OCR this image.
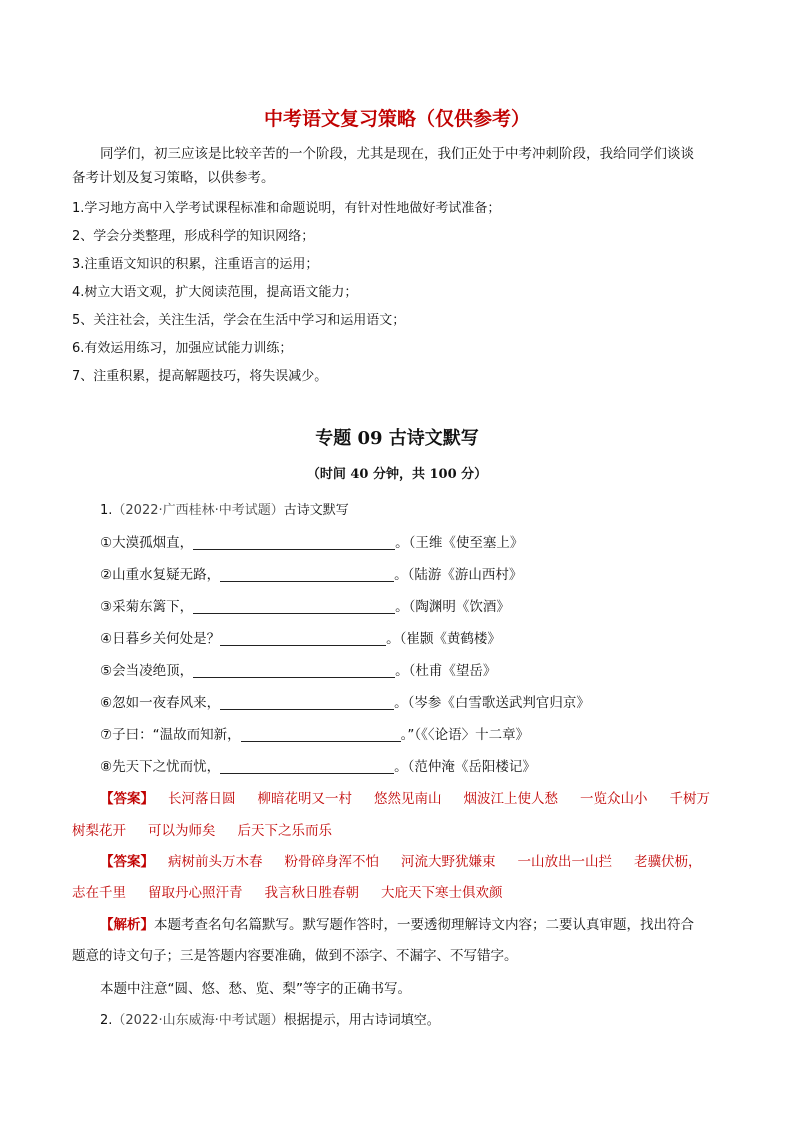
中考语文复习策略（仅供参考）
同学们，初三应该是比较辛苦的一个阶段，尤其是现在，我们正处于中考冲刺阶段，我给同学们谈谈
备考计划及复习策略，以供参考。
1.学习地方高中入学考试课程标准和命题说明，有针对性地做好考试准备；
2、学会分类整理，形成科学的知识网络；
3.注重语文知识的积累，注重语言的运用；
4.树立大语文观，扩大阅读范围，提高语文能力；
5、关注社会，关注生活，学会在生活中学习和运用语文；
6.有效运用练习，加强应试能力训练；
7、注重积累，提高解题技巧，将失误减少。
专题 09 古诗文默写
（时间 40 分钟，共 100 分）
1.（2022·广西桂林·中考试题）古诗文默写
①大漠孤烟直，	。（王维《使至塞上》
②山重水复疑无路，	。（陆游《游山西村》
③采菊东篱下，	。（陶渊明《饮酒》
④日暮乡关何处是？	。（崔颢《黄鹤楼》
⑤会当凌绝顶，	。（杜甫《望岳》
⑥忽如一夜春风来，	。（岑参《白雪歌送武判官归京》
⑦子曰：“温故而知新，	。”（《〈论语〉十二章》
⑧先天下之忧而忧，	。（范仲淹《岳阳楼记》
【答案】 长河落日圆 柳暗花明又一村 悠然见南山 烟波江上使人愁 一览众山小 千树万
树梨花开 可以为师矣 后天下之乐而乐
【答案】 病树前头万木春 粉骨碎身浑不怕 河流大野犹嫌束 一山放出一山拦 老骥伏枥，
志在千里 留取丹心照汗青 我言秋日胜春朝 大庇天下寒士俱欢颜
【解析】本题考查名句名篇默写。默写题作答时，一要透彻理解诗文内容；二要认真审题，找出符合
题意的诗文句子；三是答题内容要准确，做到不添字、不漏字、不写错字。
本题中注意“圆、悠、愁、览、梨”等字的正确书写。
2.（2022·山东威海·中考试题）根据提示，用古诗词填空。
